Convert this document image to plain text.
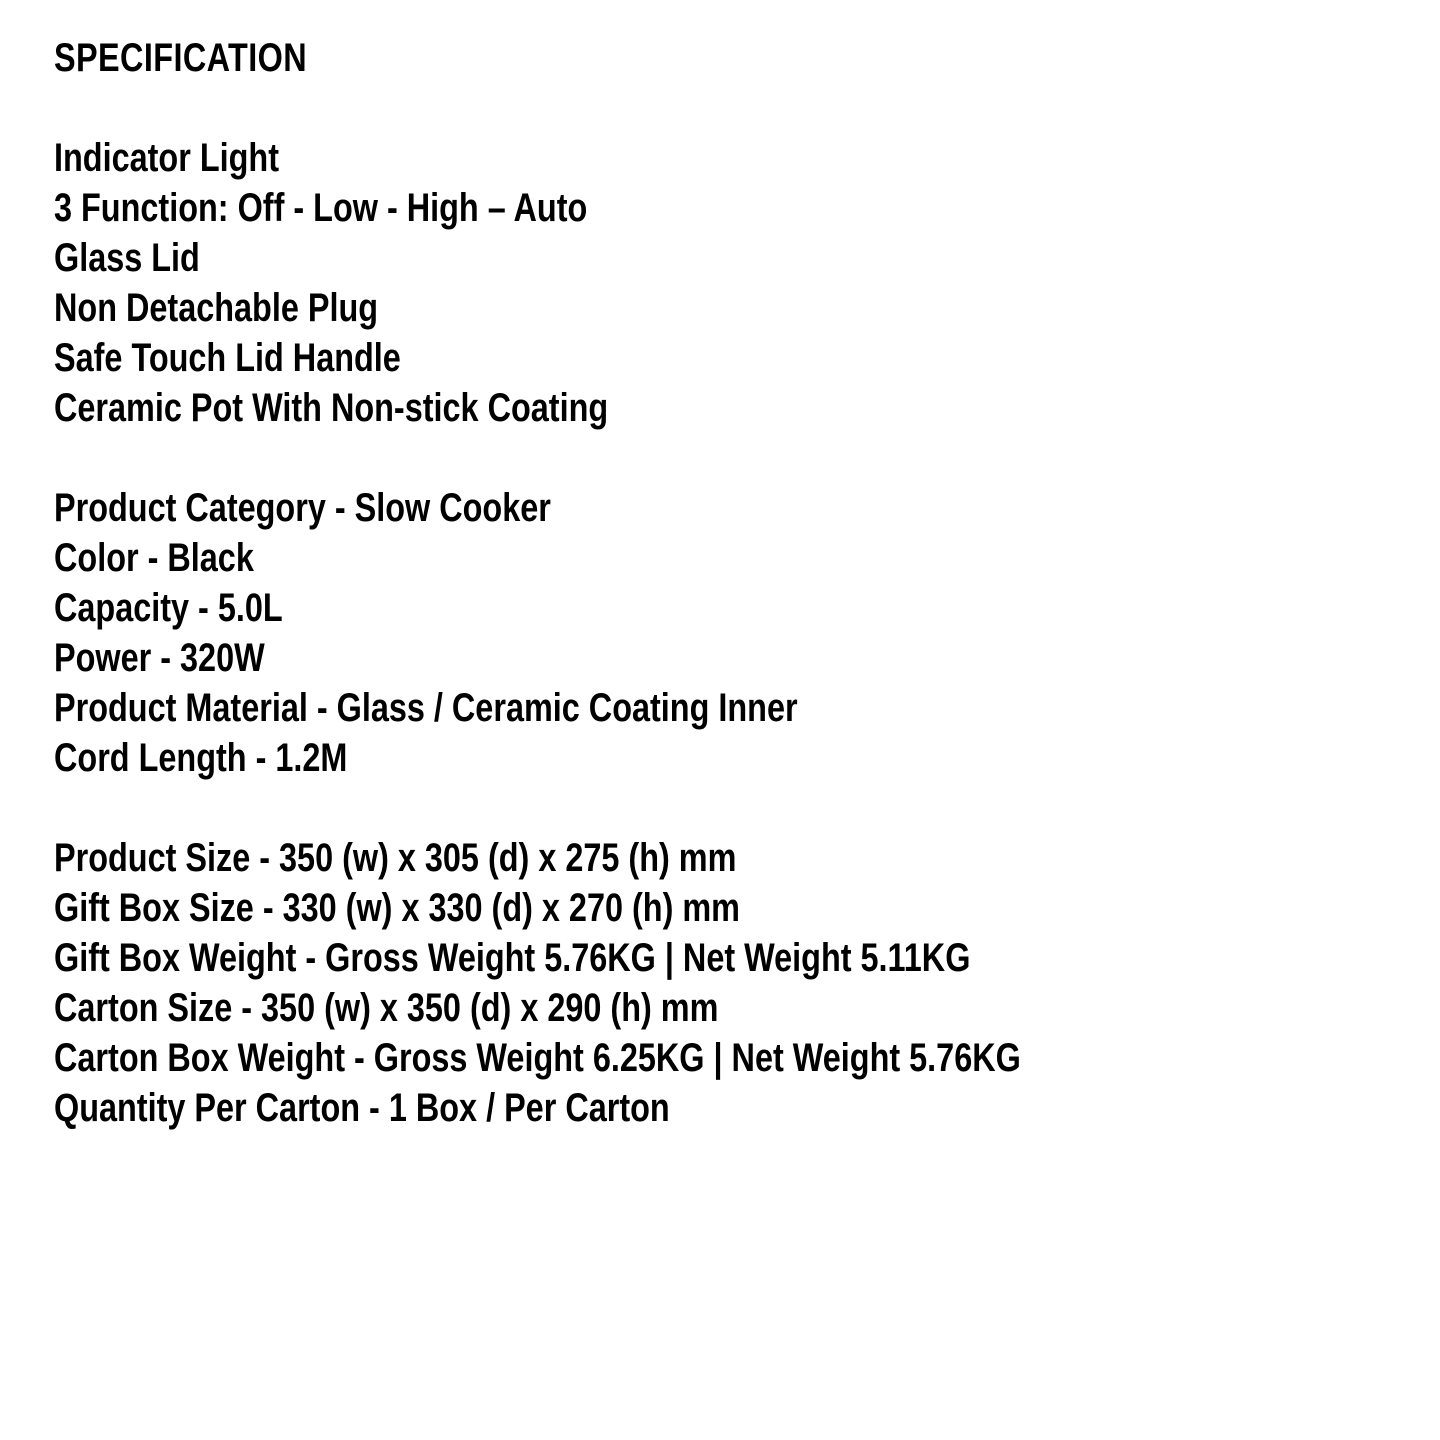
SPECIFICATION
Indicator Light
3 Function: Off - Low - High – Auto
Glass Lid
Non Detachable Plug
Safe Touch Lid Handle
Ceramic Pot With Non-stick Coating
Product Category - Slow Cooker
Color - Black
Capacity - 5.0L
Power - 320W
Product Material - Glass / Ceramic Coating Inner
Cord Length - 1.2M
Product Size - 350 (w) x 305 (d) x 275 (h) mm
Gift Box Size - 330 (w) x 330 (d) x 270 (h) mm
Gift Box Weight - Gross Weight 5.76KG | Net Weight 5.11KG
Carton Size - 350 (w) x 350 (d) x 290 (h) mm
Carton Box Weight - Gross Weight 6.25KG | Net Weight 5.76KG
Quantity Per Carton - 1 Box / Per Carton
